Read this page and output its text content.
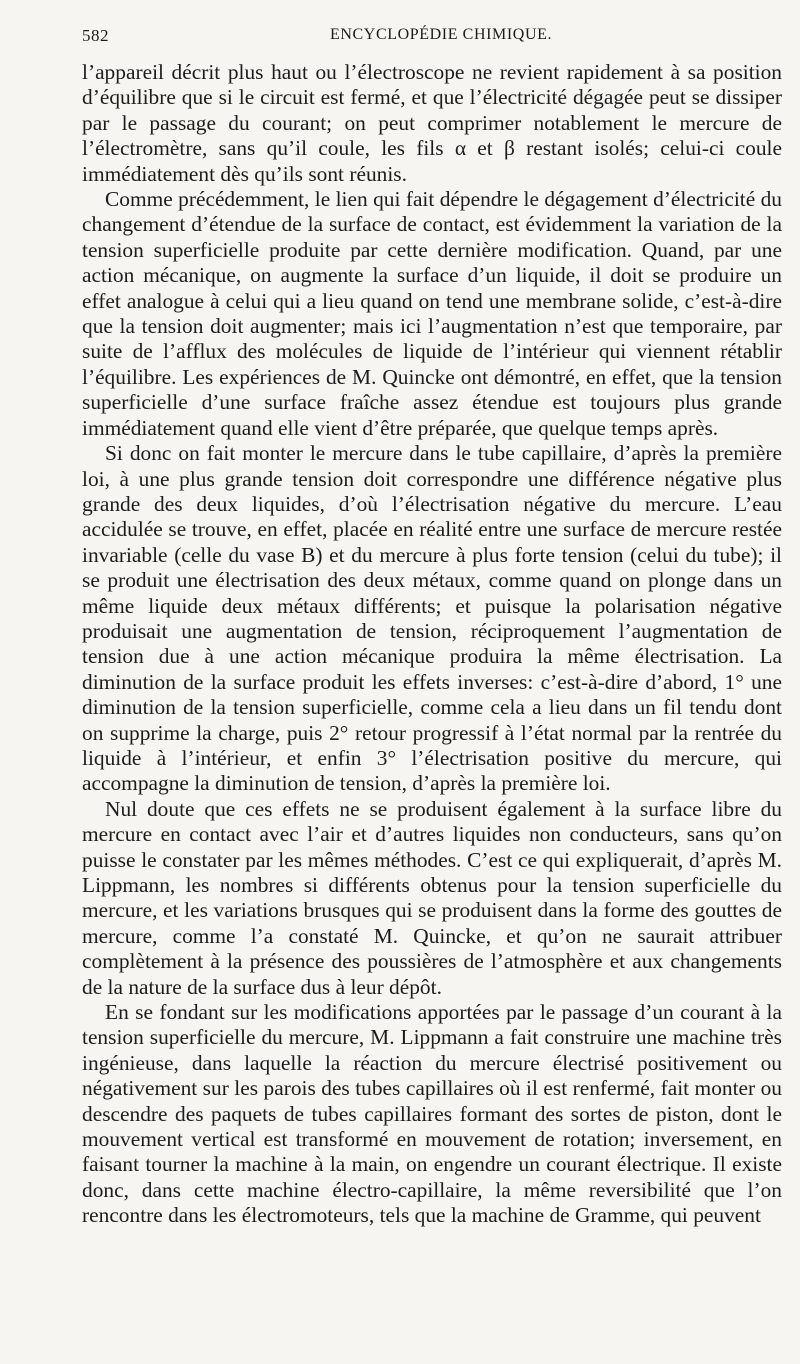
582	ENCYCLOPÉDIE CHIMIQUE.

l’appareil décrit plus haut ou l’électroscope ne revient rapidement à sa position d’équilibre que si le circuit est fermé, et que l’électricité dégagée peut se dissiper par le passage du courant; on peut comprimer notablement le mercure de l’électromètre, sans qu’il coule, les fils α et β restant isolés; celui-ci coule immédiatement dès qu’ils sont réunis.

Comme précédemment, le lien qui fait dépendre le dégagement d’électricité du changement d’étendue de la surface de contact, est évidemment la variation de la tension superficielle produite par cette dernière modification. Quand, par une action mécanique, on augmente la surface d’un liquide, il doit se produire un effet analogue à celui qui a lieu quand on tend une membrane solide, c’est-à-dire que la tension doit augmenter; mais ici l’augmentation n’est que temporaire, par suite de l’afflux des molécules de liquide de l’intérieur qui viennent rétablir l’équilibre. Les expériences de M. Quincke ont démontré, en effet, que la tension superficielle d’une surface fraîche assez étendue est toujours plus grande immédiatement quand elle vient d’être préparée, que quelque temps après.

Si donc on fait monter le mercure dans le tube capillaire, d’après la première loi, à une plus grande tension doit correspondre une différence négative plus grande des deux liquides, d’où l’électrisation négative du mercure. L’eau accidulée se trouve, en effet, placée en réalité entre une surface de mercure restée invariable (celle du vase B) et du mercure à plus forte tension (celui du tube); il se produit une électrisation des deux métaux, comme quand on plonge dans un même liquide deux métaux différents; et puisque la polarisation négative produisait une augmentation de tension, réciproquement l’augmentation de tension due à une action mécanique produira la même électrisation. La diminution de la surface produit les effets inverses: c’est-à-dire d’abord, 1° une diminution de la tension superficielle, comme cela a lieu dans un fil tendu dont on supprime la charge, puis 2° retour progressif à l’état normal par la rentrée du liquide à l’intérieur, et enfin 3° l’électrisation positive du mercure, qui accompagne la diminution de tension, d’après la première loi.

Nul doute que ces effets ne se produisent également à la surface libre du mercure en contact avec l’air et d’autres liquides non conducteurs, sans qu’on puisse le constater par les mêmes méthodes. C’est ce qui expliquerait, d’après M. Lippmann, les nombres si différents obtenus pour la tension superficielle du mercure, et les variations brusques qui se produisent dans la forme des gouttes de mercure, comme l’a constaté M. Quincke, et qu’on ne saurait attribuer complètement à la présence des poussières de l’atmosphère et aux changements de la nature de la surface dus à leur dépôt.

En se fondant sur les modifications apportées par le passage d’un courant à la tension superficielle du mercure, M. Lippmann a fait construire une machine très ingénieuse, dans laquelle la réaction du mercure électrisé positivement ou négativement sur les parois des tubes capillaires où il est renfermé, fait monter ou descendre des paquets de tubes capillaires formant des sortes de piston, dont le mouvement vertical est transformé en mouvement de rotation; inversement, en faisant tourner la machine à la main, on engendre un courant électrique. Il existe donc, dans cette machine électro-capillaire, la même reversibilité que l’on rencontre dans les électromoteurs, tels que la machine de Gramme, qui peuvent
